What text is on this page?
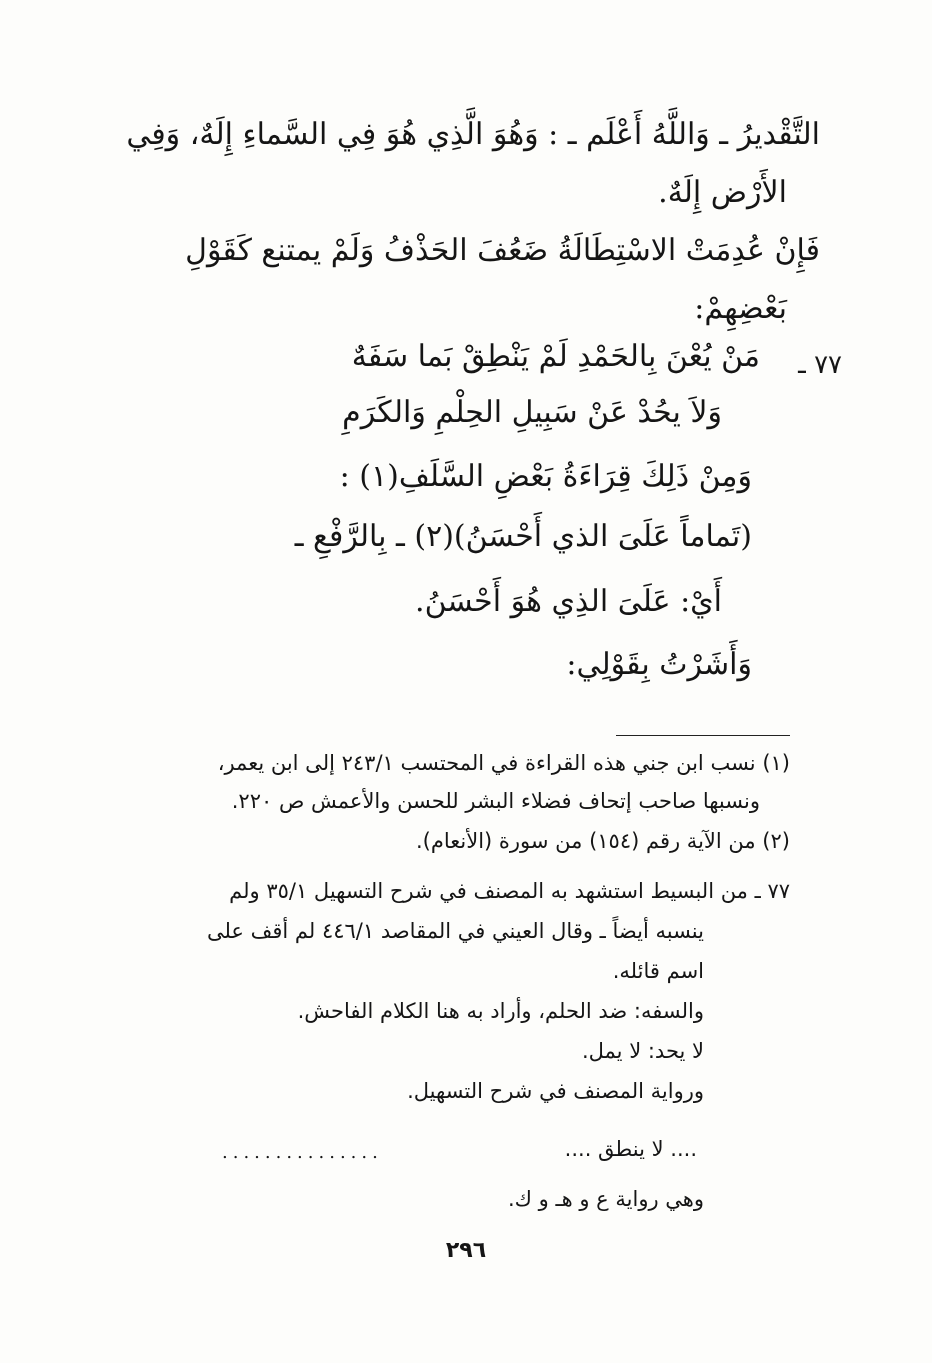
التَّقْديرُ ـ وَاللَّهُ أَعْلَم ـ : وَهُوَ الَّذِي هُوَ فِي السَّماءِ إِلَهٌ، وَفِي
الأَرْض إِلَهٌ.
فَإِنْ عُدِمَتْ الاسْتِطَالَةُ ضَعُفَ الحَذْفُ وَلَمْ يمتنع كَقَوْلِ
بَعْضِهِمْ:
٧٧ ـ
مَنْ يُعْنَ بِالحَمْدِ لَمْ يَنْطِقْ بَما سَفَهٌ
وَلاَ يحُدْ عَنْ سَبِيلِ الحِلْمِ وَالكَرَمِ
وَمِنْ ذَلِكَ قِرَاءَةُ بَعْضِ السَّلَفِ(١) :
(تَماماً عَلَىَ الذي أَحْسَنُ)(٢) ـ بِالرَّفْعِ ـ
أَيْ: عَلَىَ الذِي هُوَ أَحْسَنُ.
وَأَشَرْتُ بِقَوْلِي:
(١) نسب ابن جني هذه القراءة في المحتسب ٢٤٣/١ إلى ابن يعمر،
ونسبها صاحب إتحاف فضلاء البشر للحسن والأعمش ص ٢٢٠.
(٢) من الآية رقم (١٥٤) من سورة (الأنعام).
٧٧ ـ من البسيط استشهد به المصنف في شرح التسهيل ٣٥/١ ولم
ينسبه أيضاً ـ وقال العيني في المقاصد ٤٤٦/١ لم أقف على
اسم قائله.
والسفه: ضد الحلم، وأراد به هنا الكلام الفاحش.
لا يحد: لا يمل.
ورواية المصنف في شرح التسهيل.
.... لا ينطق ....
...............
وهي رواية ع و هـ و ك.
٢٩٦
